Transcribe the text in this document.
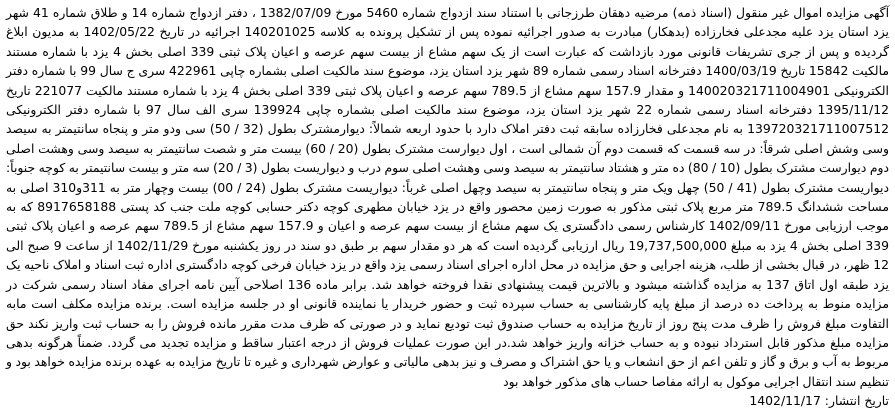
آگهی مزایده اموال غیر منقول (اسناد ذمه) مرضیه دهقان طرزجانی با استناد سند ازدواج شماره 5460 مورخ 1382/07/09 ، دفتر ازدواج شماره 14 و طلاق شماره 41 شهر یزد استان یزد علیه مجدعلی فخارزاده (بدهکار) مبادرت به صدور اجرائیه نموده پس از تشکیل پرونده به کلاسه 140201025 اجرائیه در تاریخ 1402/05/22 به مدیون ابلاغ گردیده و پس از جری تشریفات قانونی مورد بازداشت که عبارت است از یک سهم مشاع از بیست سهم عرصه و اعیان پلاک ثبتی 339 اصلی بخش 4 یزد با شماره مستند مالکیت 15842 تاریخ 1400/03/19 دفترخانه اسناد رسمی شماره 89 شهر یزد استان یزد، موضوع سند مالکیت اصلی بشماره چاپی 422961 سری ج سال 99 با شماره دفتر الکترونیکی 140020321711004901 و مقدار 157.9 سهم مشاع از 789.5 سهم عرصه و اعیان پلاک ثبتی 339 اصلی بخش 4 یزد با شماره مستند مالکیت 221077 تاریخ 1395/11/12 دفترخانه اسناد رسمی شماره 22 شهر یزد استان یزد، موضوع سند مالکیت اصلی بشماره چاپی 139924 سری الف سال 97 با شماره دفتر الکترونیکی 139720321711007512 به نام مجدعلی فخارزاده سابقه ثبت دفتر املاک دارد با حدود اربعه شمالاً: دیوارمشترک بطول (32 / 50) سی ودو متر و پنجاه سانتیمتر به سیصد وسی وشش اصلی شرقاً: در سه قسمت که قسمت دوم آن شمالی است ، اول دیوارست مشترک بطول (20 / 60) بیست متر و شصت سانتیمتر به سیصد وسی وهشت اصلی دوم دیوارست مشترک بطول (10 / 80) ده متر و هشتاد سانتیمتر به سیصد وسی وهشت اصلی سوم درب و دیواریست بطول (3 / 20) سه متر و بیست سانتیمتر به کوچه جنوباً: دیواریست مشترک بطول (41 / 50) چهل ویک متر و پنجاه سانتیمتر به سیصد وچهل اصلی غرباً: دیواریست مشترک بطول (24 / 00) بیست وچهار متر به 311و310 اصلی به مساحت ششدانگ 789.5 متر مربع پلاک ثبتی مذکور به صورت زمین محصور واقع در یزد خیابان مطهری کوچه دکتر حسابی کوچه ملت جنب کد پستی 8917658188 که به موجب ارزیابی مورخ 1402/09/11 کارشناس رسمی دادگستری یک سهم مشاع از بیست سهم عرصه و اعیان و 157.9 سهم مشاع از 789.5 سهم عرصه و اعیان پلاک ثبتی 339 اصلی بخش 4 یزد به مبلغ 19,737,500,000 ریال ارزیابی گردیده است که هر دو مقدار سهم بر طبق دو سند در روز یکشنبه مورخ 1402/11/29 از ساعت 9 صبح الی 12 ظهر، در قبال بخشی از طلب، هزینه اجرایی و حق مزایده در محل اداره اجرای اسناد رسمی یزد واقع در یزد خیابان فرخی کوچه دادگستری اداره ثبت اسناد و املاک ناحیه یک یزد طبقه اول اتاق 137 به مزایده گذاشته میشود و بالاترین قیمت پیشنهادی نقدا فروخته خواهد شد. برابر ماده 136 اصلاحی آیین نامه اجرای مفاد اسناد رسمی شرکت در مزایده منوط به پرداخت ده درصد از مبلغ پایه کارشناسی به حساب سپرده ثبت و حضور خریدار یا نماینده قانونی او در جلسه مزایده است. برنده مزایده مکلف است مابه التفاوت مبلغ فروش را ظرف مدت پنج روز از تاریخ مزایده به حساب صندوق ثبت تودیع نماید و در صورتی که ظرف مدت مقرر مانده فروش را به حساب ثبت واریز نکند حق مزایده مبلغ مذکور قابل استرداد نبوده و به حساب خزانه واریز خواهد شد.در این صورت عملیات فروش از درجه اعتبار ساقط و مزایده تجدید می گردد. ضمناً هرگونه بدهی مربوط به آب و برق و گاز و تلفن اعم از حق انشعاب و یا حق اشتراک و مصرف و نیز بدهی مالیاتی و عوارض شهرداری و غیره تا تاریخ مزایده به عهده برنده مزایده خواهد بود و تنظیم سند انتقال اجرایی موکول به ارائه مفاصا حساب های مذکور خواهد بود

تاریخ انتشار: 1402/11/17
